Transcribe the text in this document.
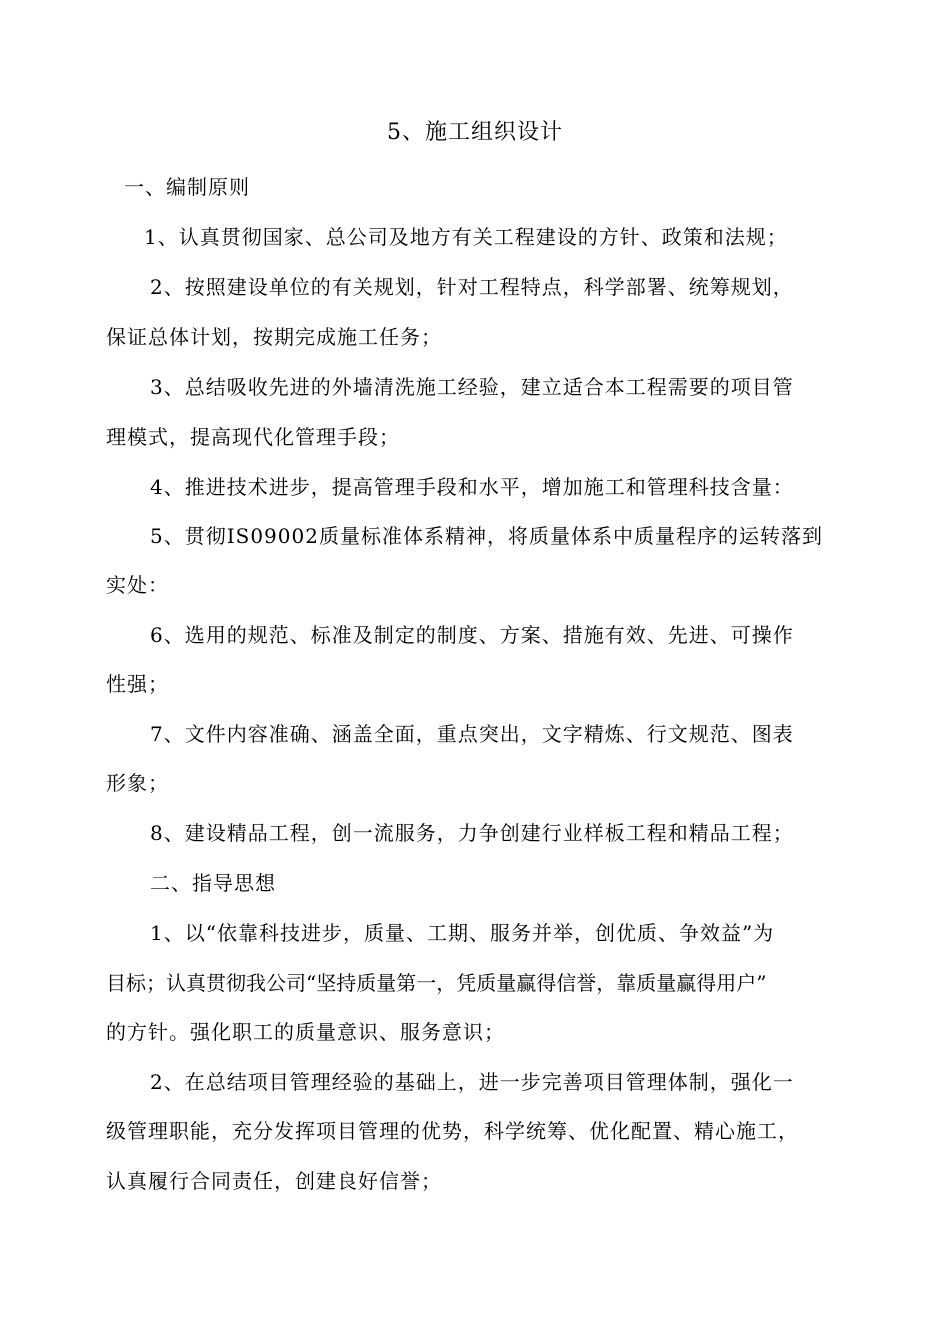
5、施工组织设计
一、编制原则
1、认真贯彻国家、总公司及地方有关工程建设的方针、政策和法规；
2、按照建设单位的有关规划，针对工程特点，科学部署、统筹规划，
保证总体计划，按期完成施工任务；
3、总结吸收先进的外墙清洗施工经验，建立适合本工程需要的项目管
理模式，提高现代化管理手段；
4、推进技术进步，提高管理手段和水平，增加施工和管理科技含量：
5、贯彻IS09002质量标准体系精神，将质量体系中质量程序的运转落到
实处：
6、选用的规范、标准及制定的制度、方案、措施有效、先进、可操作
性强；
7、文件内容准确、涵盖全面，重点突出，文字精炼、行文规范、图表
形象；
8、建设精品工程，创一流服务，力争创建行业样板工程和精品工程；
二、指导思想
1、以“依靠科技进步，质量、工期、服务并举，创优质、争效益”为
目标；认真贯彻我公司“坚持质量第一，凭质量赢得信誉，靠质量赢得用户”
的方针。强化职工的质量意识、服务意识；
2、在总结项目管理经验的基础上，进一步完善项目管理体制，强化一
级管理职能，充分发挥项目管理的优势，科学统筹、优化配置、精心施工，
认真履行合同责任，创建良好信誉；
